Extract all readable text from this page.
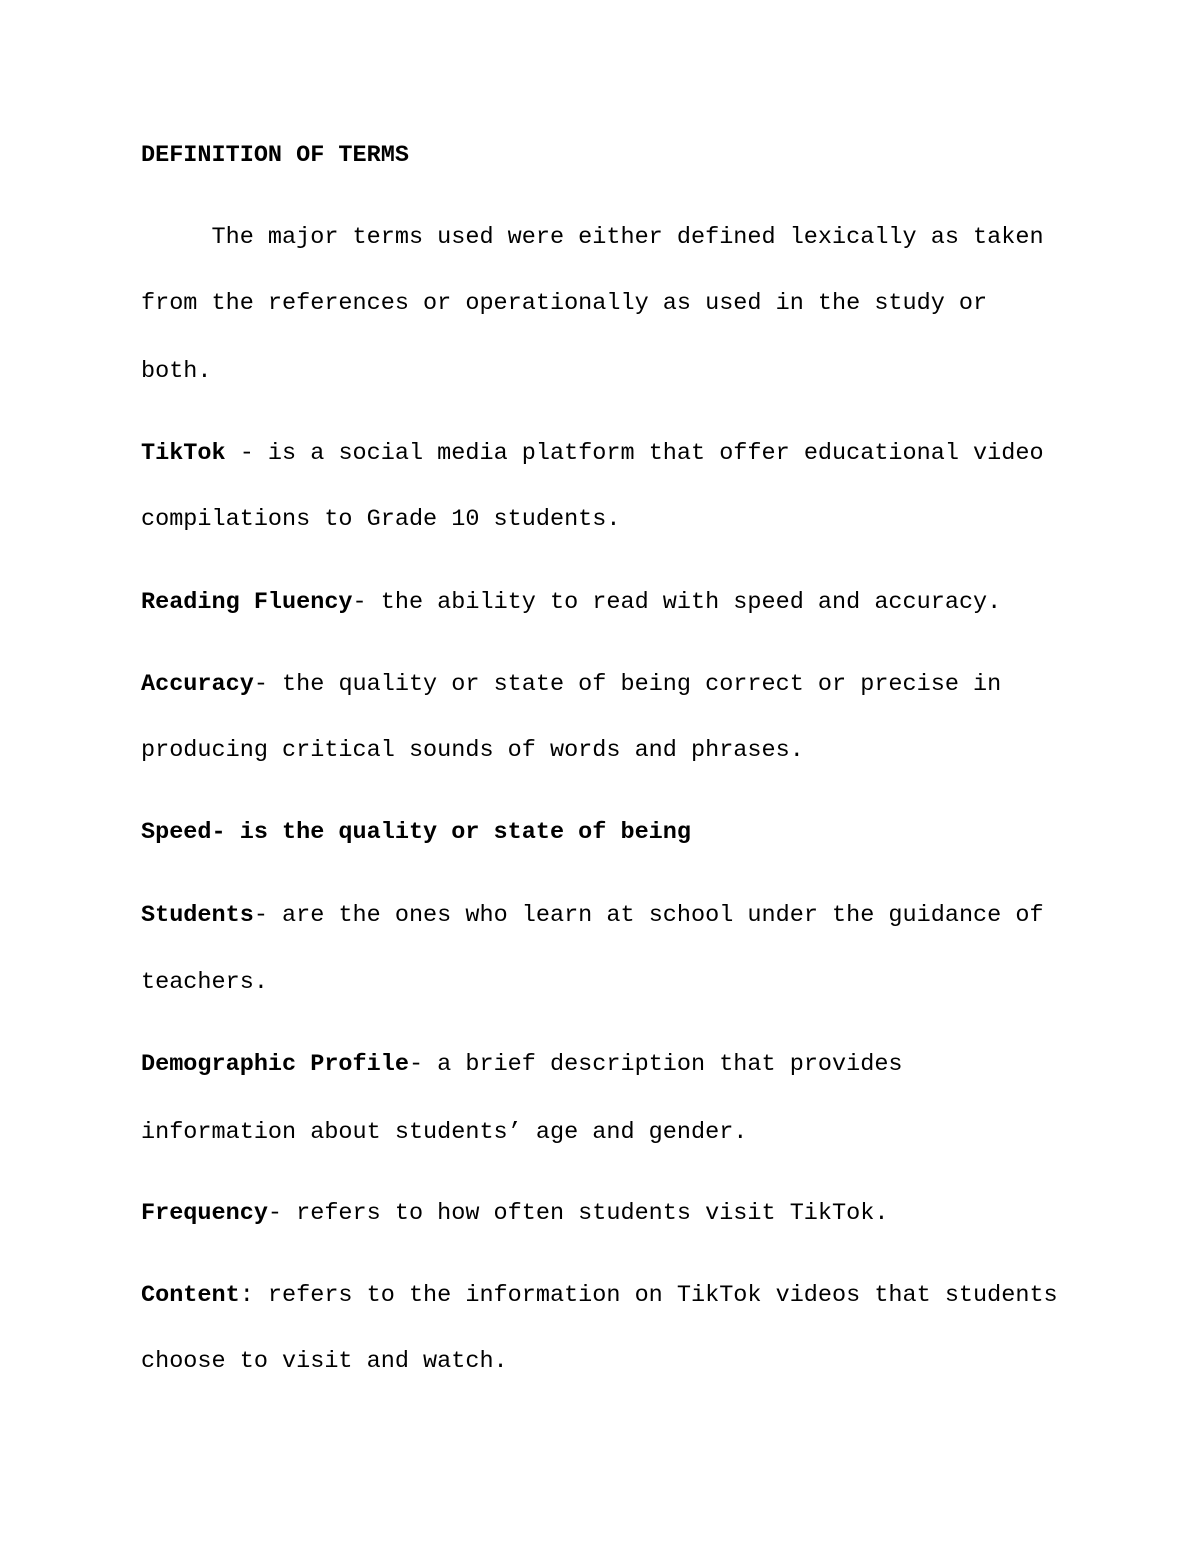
DEFINITION OF TERMS

The major terms used were either defined lexically as taken

from the references or operationally as used in the study or

both.

TikTok - is a social media platform that offer educational video

compilations to Grade 10 students.

Reading Fluency- the ability to read with speed and accuracy.

Accuracy- the quality or state of being correct or precise in

producing critical sounds of words and phrases.

Speed- is the quality or state of being

Students- are the ones who learn at school under the guidance of

teachers.

Demographic Profile- a brief description that provides

information about students’ age and gender.

Frequency- refers to how often students visit TikTok.

Content: refers to the information on TikTok videos that students

choose to visit and watch.
